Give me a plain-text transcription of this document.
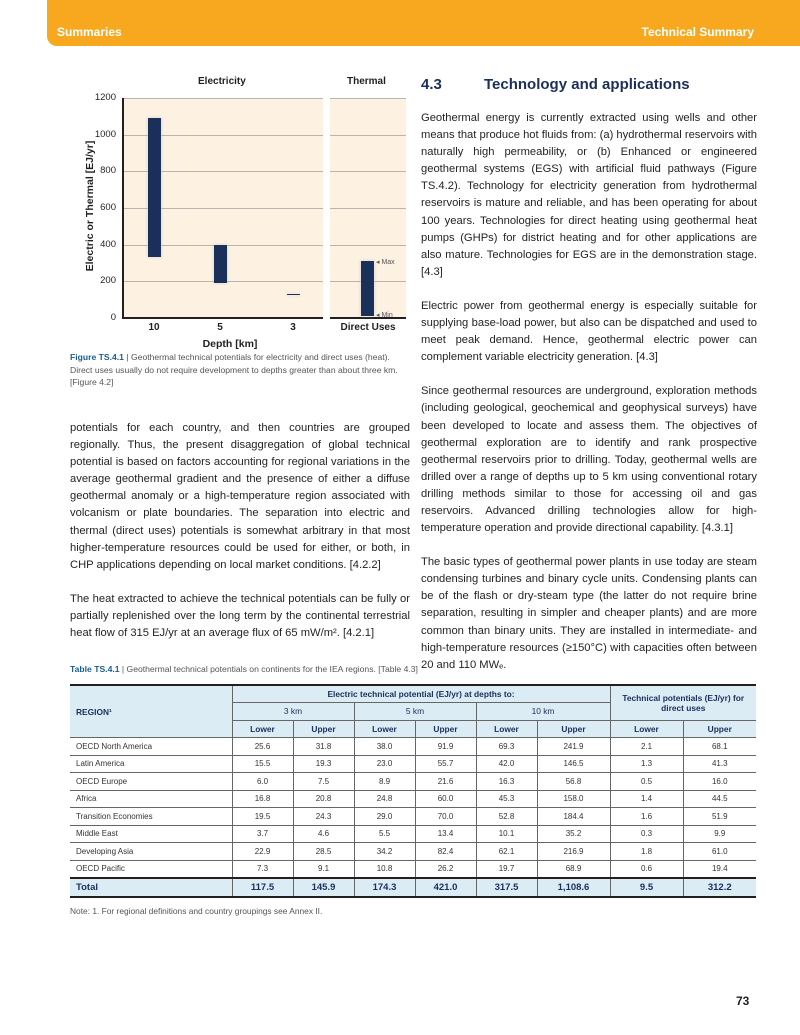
Summaries	Technical Summary
Electric or Thermal [EJ/yr]
Electricity	Thermal
1200
1000
800
600
400
200
0
◂ Max
◂ Min
10	5	3	Direct Uses
Depth [km]
Figure TS.4.1 | Geothermal technical potentials for electricity and direct uses (heat). Direct uses usually do not require development to depths greater than about three km. [Figure 4.2]

potentials for each country, and then countries are grouped regionally. Thus, the present disaggregation of global technical potential is based on factors accounting for regional variations in the average geothermal gradient and the presence of either a diffuse geothermal anomaly or a high-temperature region associated with volcanism or plate boundaries. The separation into electric and thermal (direct uses) potentials is somewhat arbitrary in that most higher-temperature resources could be used for either, or both, in CHP applications depending on local market conditions. [4.2.2]

The heat extracted to achieve the technical potentials can be fully or partially replenished over the long term by the continental terrestrial heat flow of 315 EJ/yr at an average flux of 65 mW/m². [4.2.1]

4.3	Technology and applications

Geothermal energy is currently extracted using wells and other means that produce hot fluids from: (a) hydrothermal reservoirs with naturally high permeability, or (b) Enhanced or engineered geothermal systems (EGS) with artificial fluid pathways (Figure TS.4.2). Technology for electricity generation from hydrothermal reservoirs is mature and reliable, and has been operating for about 100 years. Technologies for direct heating using geothermal heat pumps (GHPs) for district heating and for other applications are also mature. Technologies for EGS are in the demonstration stage. [4.3]

Electric power from geothermal energy is especially suitable for supplying base-load power, but also can be dispatched and used to meet peak demand. Hence, geothermal electric power can complement variable electricity generation. [4.3]

Since geothermal resources are underground, exploration methods (including geological, geochemical and geophysical surveys) have been developed to locate and assess them. The objectives of geothermal exploration are to identify and rank prospective geothermal reservoirs prior to drilling. Today, geothermal wells are drilled over a range of depths up to 5 km using conventional rotary drilling methods similar to those for accessing oil and gas reservoirs. Advanced drilling technologies allow for high-temperature operation and provide directional capability. [4.3.1]

The basic types of geothermal power plants in use today are steam condensing turbines and binary cycle units. Condensing plants can be of the flash or dry-steam type (the latter do not require brine separation, resulting in simpler and cheaper plants) and are more common than binary units. They are installed in intermediate- and high-temperature resources (≥150°C) with capacities often between 20 and 110 MWₑ.

Table TS.4.1 | Geothermal technical potentials on continents for the IEA regions. [Table 4.3]
REGION¹	Electric technical potential (EJ/yr) at depths to:						Technical potentials (EJ/yr) for direct uses	
	3 km		5 km		10 km			
	Lower	Upper	Lower	Upper	Lower	Upper	Lower	Upper
OECD North America	25.6	31.8	38.0	91.9	69.3	241.9	2.1	68.1
Latin America	15.5	19.3	23.0	55.7	42.0	146.5	1.3	41.3
OECD Europe	6.0	7.5	8.9	21.6	16.3	56.8	0.5	16.0
Africa	16.8	20.8	24.8	60.0	45.3	158.0	1.4	44.5
Transition Economies	19.5	24.3	29.0	70.0	52.8	184.4	1.6	51.9
Middle East	3.7	4.6	5.5	13.4	10.1	35.2	0.3	9.9
Developing Asia	22.9	28.5	34.2	82.4	62.1	216.9	1.8	61.0
OECD Pacific	7.3	9.1	10.8	26.2	19.7	68.9	0.6	19.4
Total	117.5	145.9	174.3	421.0	317.5	1,108.6	9.5	312.2
Note: 1. For regional definitions and country groupings see Annex II.
73
